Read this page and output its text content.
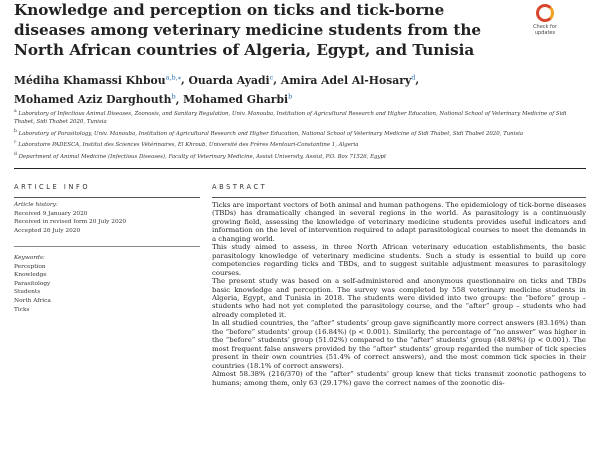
Knowledge and perception on ticks and tick-borne diseases among veterinary medicine students from the North African countries of Algeria, Egypt, and Tunisia
Check for updates
Médiha Khamassi Khbou$^{a,b,⁎}$, Ouarda Ayadi$^c$, Amira Adel Al-Hosary$^d$,
Mohamed Aziz Darghouth$^b$, Mohamed Gharbi$^b$
$^a$ Laboratory of Infectious Animal Diseases, Zoonosis, and Sanitary Regulation, Univ. Manouba, Institution of Agricultural Research and Higher Education, National School of Veterinary Medicine of Sidi Thabet, Sidi Thabet 2020, Tunisia
$^b$ Laboratory of Parasitology, Univ. Manouba, Institution of Agricultural Research and Higher Education, National School of Veterinary Medicine of Sidi Thabet, Sidi Thabet 2020, Tunisia
$^c$ Laboratoire PADESCA, Institut des Sciences Vétérinaires, El Khroub, Université des Frères Mentouri-Constantine 1, Algeria
$^d$ Department of Animal Medicine (Infectious Diseases), Faculty of Veterinary Medicine, Assiut University, Assiut, P.O. Box 71526, Egypt
ARTICLE INFO	ABSTRACT
Article history:
Received 9 January 2020
Received in revised form 20 July 2020
Accepted 26 July 2020
Keywords:
Perception
Knowledge
Parasitology
Students
North Africa
Ticks

Ticks are important vectors of both animal and human pathogens. The epidemiology of tick-borne diseases (TBDs) has dramatically changed in several regions in the world. As parasitology is a continuously growing field, assessing the knowledge of veterinary medicine students provides useful indicators and information on the level of intervention required to adapt parasitological courses to meet the demands in a changing world.

This study aimed to assess, in three North African veterinary education establishments, the basic parasitology knowledge of veterinary medicine students. Such a study is essential to build up core competencies regarding ticks and TBDs, and to suggest suitable adjustment measures to parasitology courses.

The present study was based on a self-administered and anonymous questionnaire on ticks and TBDs basic knowledge and perception. The survey was completed by 558 veterinary medicine students in Algeria, Egypt, and Tunisia in 2018. The students were divided into two groups: the “before” group – students who had not yet completed the parasitology course, and the “after” group – students who had already completed it.

In all studied countries, the “after” students’ group gave significantly more correct answers (83.16%) than the “before” students’ group (16.84%) (p < 0.001). Similarly, the percentage of “no answer” was higher in the “before” students’ group (51.02%) compared to the “after” students’ group (48.98%) (p < 0.001). The most frequent false answers provided by the “after” students’ group regarded the number of tick species present in their own countries (51.4% of correct answers), and the most common tick species in their countries (18.1% of correct answers).

Almost 58.38% (216/370) of the “after” students’ group knew that ticks transmit zoonotic pathogens to humans; among them, only 63 (29.17%) gave the correct names of the zoonotic dis-
